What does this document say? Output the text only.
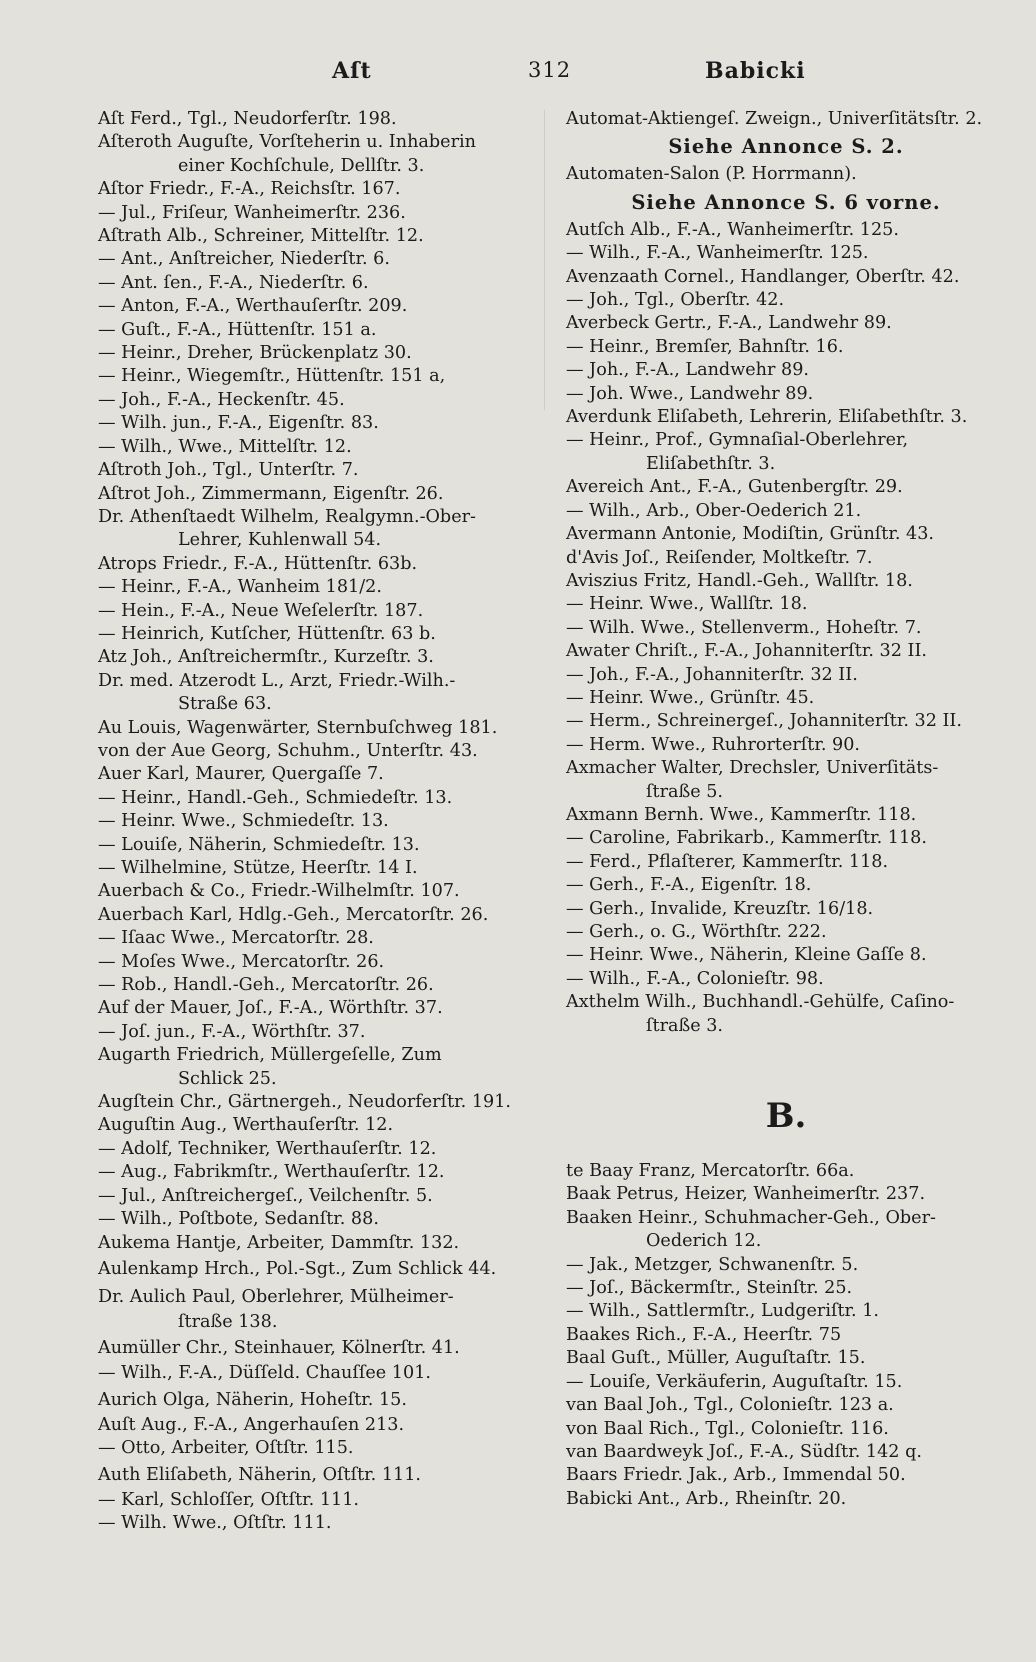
Aſt	312	Babicki
Aſt Ferd., Tgl., Neudorferſtr. 198.
Aſteroth Auguſte, Vorſteherin u. Inhaberin
einer Kochſchule, Dellſtr. 3.
Aſtor Friedr., F.-A., Reichsſtr. 167.
— Jul., Friſeur, Wanheimerſtr. 236.
Aſtrath Alb., Schreiner, Mittelſtr. 12.
— Ant., Anſtreicher, Niederſtr. 6.
— Ant. ſen., F.-A., Niederſtr. 6.
— Anton, F.-A., Werthauſerſtr. 209.
— Guſt., F.-A., Hüttenſtr. 151 a.
— Heinr., Dreher, Brückenplatz 30.
— Heinr., Wiegemſtr., Hüttenſtr. 151 a,
— Joh., F.-A., Heckenſtr. 45.
— Wilh. jun., F.-A., Eigenſtr. 83.
— Wilh., Wwe., Mittelſtr. 12.
Aſtroth Joh., Tgl., Unterſtr. 7.
Aſtrot Joh., Zimmermann, Eigenſtr. 26.
Dr. Athenſtaedt Wilhelm, Realgymn.-Ober-
Lehrer, Kuhlenwall 54.
Atrops Friedr., F.-A., Hüttenſtr. 63b.
— Heinr., F.-A., Wanheim 181/2.
— Hein., F.-A., Neue Weſelerſtr. 187.
— Heinrich, Kutſcher, Hüttenſtr. 63 b.
Atz Joh., Anſtreichermſtr., Kurzeſtr. 3.
Dr. med. Atzerodt L., Arzt, Friedr.-Wilh.-
Straße 63.
Au Louis, Wagenwärter, Sternbuſchweg 181.
von der Aue Georg, Schuhm., Unterſtr. 43.
Auer Karl, Maurer, Quergaſſe 7.
— Heinr., Handl.-Geh., Schmiedeſtr. 13.
— Heinr. Wwe., Schmiedeſtr. 13.
— Louiſe, Näherin, Schmiedeſtr. 13.
— Wilhelmine, Stütze, Heerſtr. 14 I.
Auerbach & Co., Friedr.-Wilhelmſtr. 107.
Auerbach Karl, Hdlg.-Geh., Mercatorſtr. 26.
— Iſaac Wwe., Mercatorſtr. 28.
— Moſes Wwe., Mercatorſtr. 26.
— Rob., Handl.-Geh., Mercatorſtr. 26.
Auf der Mauer, Joſ., F.-A., Wörthſtr. 37.
— Joſ. jun., F.-A., Wörthſtr. 37.
Augarth Friedrich, Müllergeſelle, Zum
Schlick 25.
Augſtein Chr., Gärtnergeh., Neudorferſtr. 191.
Auguſtin Aug., Werthauſerſtr. 12.
— Adolf, Techniker, Werthauſerſtr. 12.
— Aug., Fabrikmſtr., Werthauſerſtr. 12.
— Jul., Anſtreichergeſ., Veilchenſtr. 5.
— Wilh., Poſtbote, Sedanſtr. 88.
Aukema Hantje, Arbeiter, Dammſtr. 132.
Aulenkamp Hrch., Pol.-Sgt., Zum Schlick 44.
Dr. Aulich Paul, Oberlehrer, Mülheimer-
ſtraße 138.
Aumüller Chr., Steinhauer, Kölnerſtr. 41.
— Wilh., F.-A., Düſſeld. Chauſſee 101.
Aurich Olga, Näherin, Hoheſtr. 15.
Auſt Aug., F.-A., Angerhauſen 213.
— Otto, Arbeiter, Oſtſtr. 115.
Auth Eliſabeth, Näherin, Oſtſtr. 111.
— Karl, Schloſſer, Oſtſtr. 111.
— Wilh. Wwe., Oſtſtr. 111.
Automat-Aktiengeſ. Zweign., Univerſitätsſtr. 2.
Siehe Annonce S. 2.
Automaten-Salon (P. Horrmann).
Siehe Annonce S. 6 vorne.
Autſch Alb., F.-A., Wanheimerſtr. 125.
— Wilh., F.-A., Wanheimerſtr. 125.
Avenzaath Cornel., Handlanger, Oberſtr. 42.
— Joh., Tgl., Oberſtr. 42.
Averbeck Gertr., F.-A., Landwehr 89.
— Heinr., Bremſer, Bahnſtr. 16.
— Joh., F.-A., Landwehr 89.
— Joh. Wwe., Landwehr 89.
Averdunk Eliſabeth, Lehrerin, Eliſabethſtr. 3.
— Heinr., Prof., Gymnaſial-Oberlehrer,
Eliſabethſtr. 3.
Avereich Ant., F.-A., Gutenbergſtr. 29.
— Wilh., Arb., Ober-Oederich 21.
Avermann Antonie, Modiſtin, Grünſtr. 43.
d'Avis Joſ., Reiſender, Moltkeſtr. 7.
Aviszius Fritz, Handl.-Geh., Wallſtr. 18.
— Heinr. Wwe., Wallſtr. 18.
— Wilh. Wwe., Stellenverm., Hoheſtr. 7.
Awater Chriſt., F.-A., Johanniterſtr. 32 II.
— Joh., F.-A., Johanniterſtr. 32 II.
— Heinr. Wwe., Grünſtr. 45.
— Herm., Schreinergeſ., Johanniterſtr. 32 II.
— Herm. Wwe., Ruhrorterſtr. 90.
Axmacher Walter, Drechsler, Univerſitäts-
ſtraße 5.
Axmann Bernh. Wwe., Kammerſtr. 118.
— Caroline, Fabrikarb., Kammerſtr. 118.
— Ferd., Pflaſterer, Kammerſtr. 118.
— Gerh., F.-A., Eigenſtr. 18.
— Gerh., Invalide, Kreuzſtr. 16/18.
— Gerh., o. G., Wörthſtr. 222.
— Heinr. Wwe., Näherin, Kleine Gaſſe 8.
— Wilh., F.-A., Colonieſtr. 98.
Axthelm Wilh., Buchhandl.-Gehülfe, Caſino-
ſtraße 3.
B.
te Baay Franz, Mercatorſtr. 66a.
Baak Petrus, Heizer, Wanheimerſtr. 237.
Baaken Heinr., Schuhmacher-Geh., Ober-
Oederich 12.
— Jak., Metzger, Schwanenſtr. 5.
— Joſ., Bäckermſtr., Steinſtr. 25.
— Wilh., Sattlermſtr., Ludgeriſtr. 1.
Baakes Rich., F.-A., Heerſtr. 75
Baal Guſt., Müller, Auguſtaſtr. 15.
— Louiſe, Verkäuferin, Auguſtaſtr. 15.
van Baal Joh., Tgl., Colonieſtr. 123 a.
von Baal Rich., Tgl., Colonieſtr. 116.
van Baardweyk Joſ., F.-A., Südſtr. 142 q.
Baars Friedr. Jak., Arb., Immendal 50.
Babicki Ant., Arb., Rheinſtr. 20.
